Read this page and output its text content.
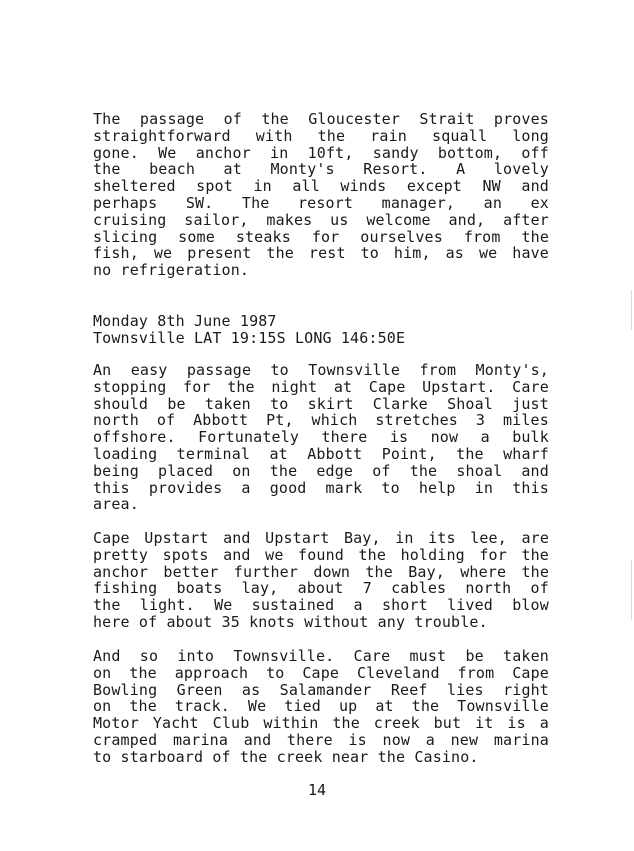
The passage of the Gloucester Strait proves
straightforward with the rain squall long
gone. We anchor in 10ft, sandy bottom, off
the beach at Monty's Resort. A lovely
sheltered spot in all winds except NW and
perhaps SW. The resort manager, an ex
cruising sailor, makes us welcome and, after
slicing some steaks for ourselves from the
fish, we present the rest to him, as we have
no refrigeration.
Monday 8th June 1987
Townsville LAT 19:15S LONG 146:50E
An easy passage to Townsville from Monty's,
stopping for the night at Cape Upstart. Care
should be taken to skirt Clarke Shoal just
north of Abbott Pt, which stretches 3 miles
offshore. Fortunately there is now a bulk
loading terminal at Abbott Point, the wharf
being placed on the edge of the shoal and
this provides a good mark to help in this
area.
Cape Upstart and Upstart Bay, in its lee, are
pretty spots and we found the holding for the
anchor better further down the Bay, where the
fishing boats lay, about 7 cables north of
the light. We sustained a short lived blow
here of about 35 knots without any trouble.
And so into Townsville. Care must be taken
on the approach to Cape Cleveland from Cape
Bowling Green as Salamander Reef lies right
on the track. We tied up at the Townsville
Motor Yacht Club within the creek but it is a
cramped marina and there is now a new marina
to starboard of the creek near the Casino.
14
